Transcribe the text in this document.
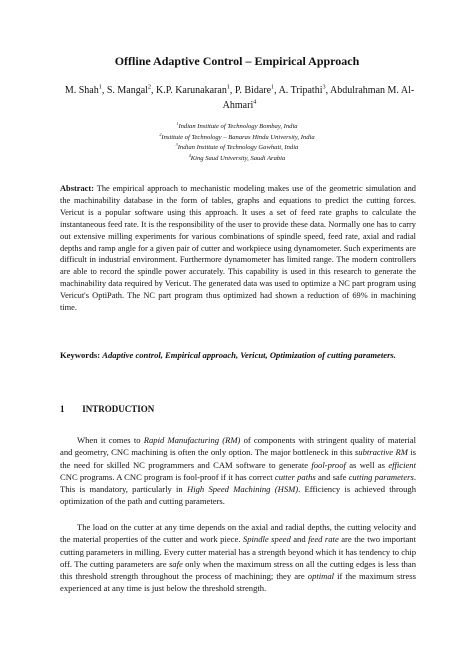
Offline Adaptive Control – Empirical Approach
M. Shah$^1$, S. Mangal$^2$, K.P. Karunakaran$^1$, P. Bidare$^1$, A. Tripathi$^3$, Abdulrahman M. Al-Ahmari$^4$
$^1$Indian Institute of Technology Bombay, India
$^2$Institute of Technology – Banaras Hindu University, India
$^3$Indian Institute of Technology Gawhati, India
$^4$King Saud University, Saudi Arabia
Abstract: The empirical approach to mechanistic modeling makes use of the geometric simulation and the machinability database in the form of tables, graphs and equations to predict the cutting forces. Vericut is a popular software using this approach. It uses a set of feed rate graphs to calculate the instantaneous feed rate. It is the responsibility of the user to provide these data. Normally one has to carry out extensive milling experiments for various combinations of spindle speed, feed rate, axial and radial depths and ramp angle for a given pair of cutter and workpiece using dynamometer. Such experiments are difficult in industrial environment. Furthermore dynamometer has limited range. The modern controllers are able to record the spindle power accurately. This capability is used in this research to generate the machinability data required by Vericut. The generated data was used to optimize a NC part program using Vericut's OptiPath. The NC part program thus optimized had shown a reduction of 69% in machining time.
Keywords: Adaptive control, Empirical approach, Vericut, Optimization of cutting parameters.
1 INTRODUCTION
When it comes to Rapid Manufacturing (RM) of components with stringent quality of material and geometry, CNC machining is often the only option. The major bottleneck in this subtractive RM is the need for skilled NC programmers and CAM software to generate fool-proof as well as efficient CNC programs. A CNC program is fool-proof if it has correct cutter paths and safe cutting parameters. This is mandatory, particularly in High Speed Machining (HSM). Efficiency is achieved through optimization of the path and cutting parameters.
The load on the cutter at any time depends on the axial and radial depths, the cutting velocity and the material properties of the cutter and work piece. Spindle speed and feed rate are the two important cutting parameters in milling. Every cutter material has a strength beyond which it has tendency to chip off. The cutting parameters are safe only when the maximum stress on all the cutting edges is less than this threshold strength throughout the process of machining; they are optimal if the maximum stress experienced at any time is just below the threshold strength.
